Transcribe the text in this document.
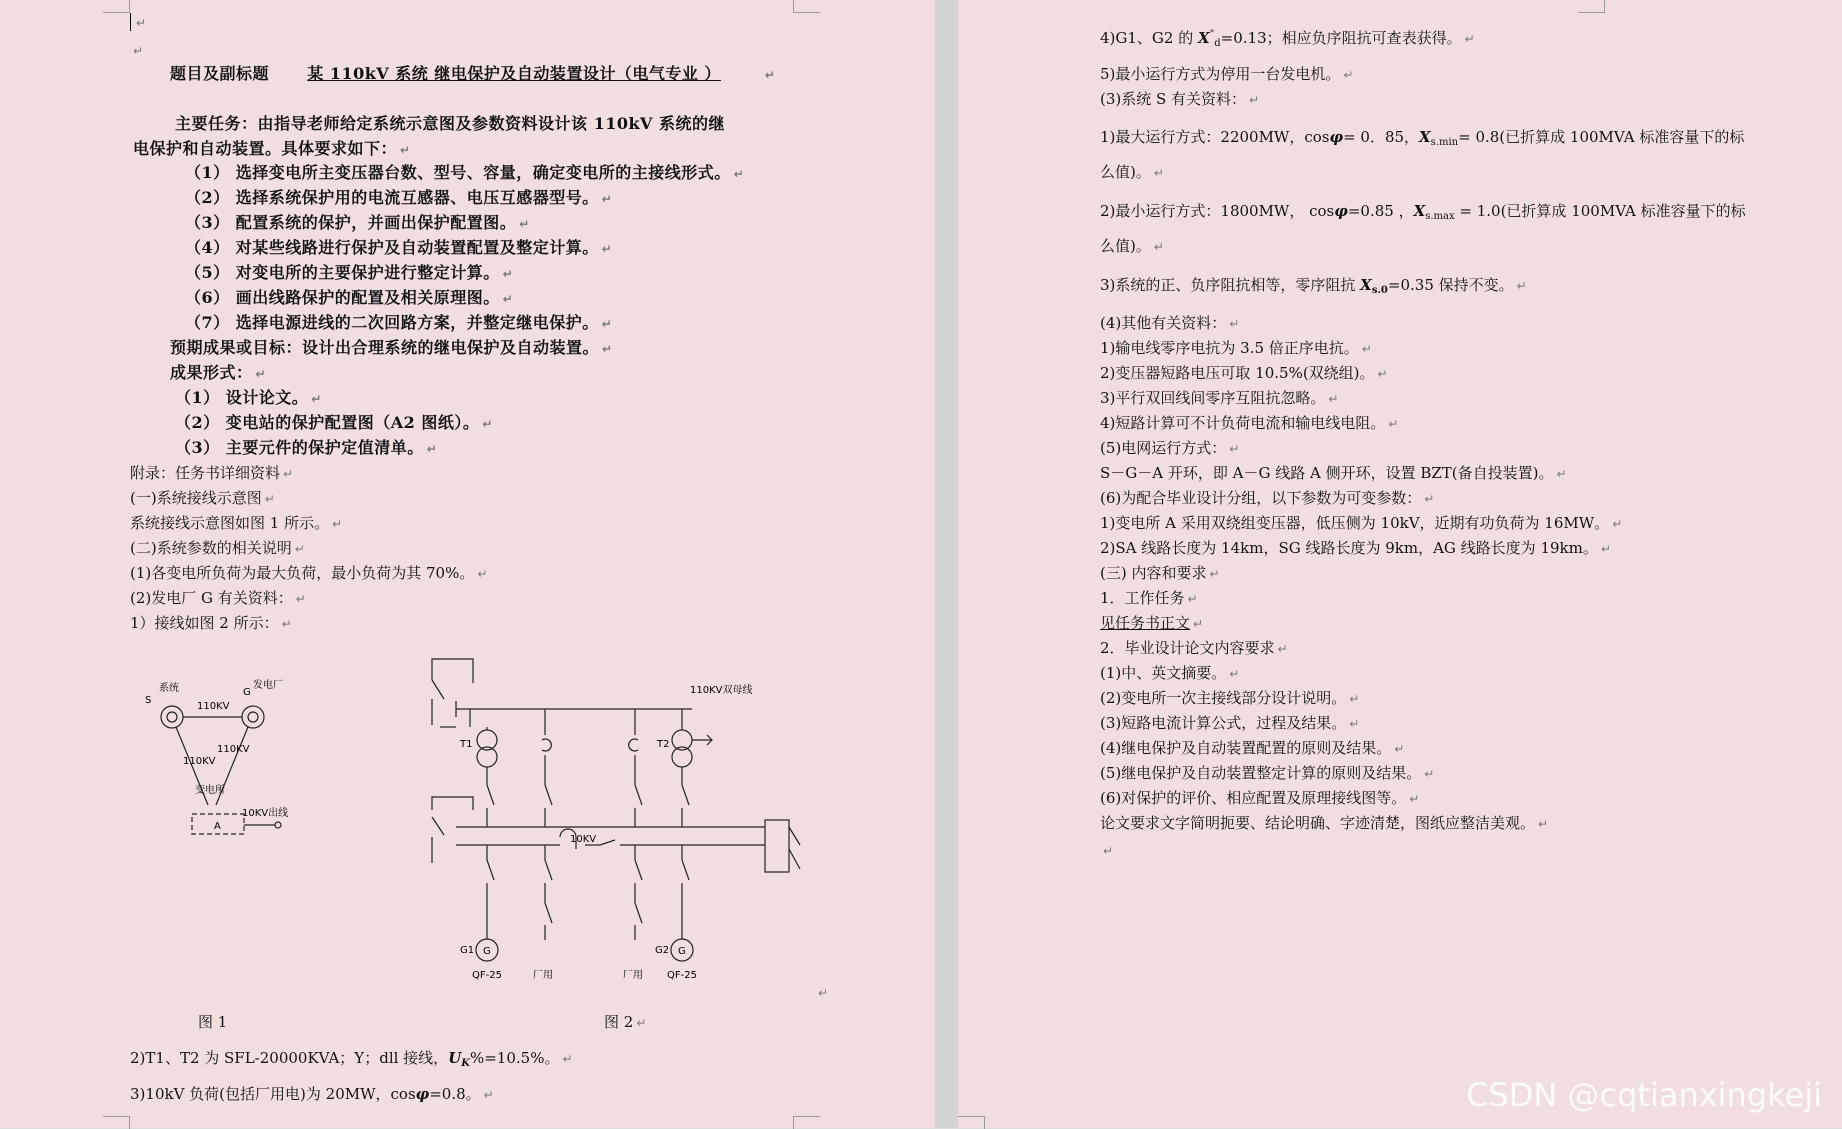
↵
↵
题目及副标题 某 110kV 系统 继电保护及自动装置设计（电气专业 ）	↵
主要任务：由指导老师给定系统示意图及参数资料设计该 110kV 系统的继
电保护和自动装置。具体要求如下： ↵
（1） 选择变电所主变压器台数、型号、容量，确定变电所的主接线形式。 ↵
（2） 选择系统保护用的电流互感器、电压互感器型号。 ↵
（3） 配置系统的保护，并画出保护配置图。 ↵
（4） 对某些线路进行保护及自动装置配置及整定计算。 ↵
（5） 对变电所的主要保护进行整定计算。 ↵
（6） 画出线路保护的配置及相关原理图。 ↵
（7） 选择电源进线的二次回路方案，并整定继电保护。 ↵
预期成果或目标：设计出合理系统的继电保护及自动装置。 ↵
成果形式： ↵
（1） 设计论文。 ↵
（2） 变电站的保护配置图（A2 图纸）。 ↵
（3） 主要元件的保护定值清单。 ↵
附录：任务书详细资料 ↵
(一)系统接线示意图 ↵
系统接线示意图如图 1 所示。 ↵
(二)系统参数的相关说明 ↵
(1)各变电所负荷为最大负荷，最小负荷为其 70%。 ↵
(2)发电厂 G 有关资料： ↵
1）接线如图 2 所示： ↵
S
系统	G
发电厂
110KV
110KV
110KV
变电所
A
10KV出线
110KV双母线
T1	T2
10KV
G1 G	G2 G
QF-25	QF-25
厂用	厂用
↵
图 1	图 2 ↵
2)T1、T2 为 SFL-20000KVA；Y；dll 接线，$U_K\%=10.5\%$。 ↵
3)10kV 负荷(包括厂用电)为 20MW，cosφ=0.8。 ↵
4)G1、G2 的 $X^"_d=0.13$；相应负序阻抗可查表获得。 ↵
5)最小运行方式为停用一台发电机。 ↵
(3)系统 S 有关资料： ↵
1)最大运行方式：2200MW，cosφ= 0．85，$X_{s.min}= 0.8$(已折算成 100MVA 标准容量下的标
么值)。 ↵
2)最小运行方式：1800MW， cosφ=0.85 ，$X_{s.max} = 1.0$(已折算成 100MVA 标准容量下的标
么值)。 ↵
3)系统的正、负序阻抗相等，零序阻抗 $X_{s.0}=0.35$ 保持不变。 ↵
(4)其他有关资料： ↵
1)输电线零序电抗为 3.5 倍正序电抗。 ↵
2)变压器短路电压可取 10.5%(双绕组)。 ↵
3)平行双回线间零序互阻抗忽略。 ↵
4)短路计算可不计负荷电流和输电线电阻。 ↵
(5)电网运行方式： ↵
S－G－A 开环，即 A－G 线路 A 侧开环，设置 BZT(备自投装置)。 ↵
(6)为配合毕业设计分组，以下参数为可变参数： ↵
1)变电所 A 采用双绕组变压器，低压侧为 10kV，近期有功负荷为 16MW。 ↵
2)SA 线路长度为 14km，SG 线路长度为 9km，AG 线路长度为 19km。 ↵
(三) 内容和要求 ↵
1．工作任务 ↵
见任务书正文 ↵
2．毕业设计论文内容要求 ↵
(1)中、英文摘要。 ↵
(2)变电所一次主接线部分设计说明。 ↵
(3)短路电流计算公式，过程及结果。 ↵
(4)继电保护及自动装置配置的原则及结果。 ↵
(5)继电保护及自动装置整定计算的原则及结果。 ↵
(6)对保护的评价、相应配置及原理接线图等。 ↵
论文要求文字简明扼要、结论明确、字迹清楚，图纸应整洁美观。 ↵
↵
CSDN @cqtianxingkeji
